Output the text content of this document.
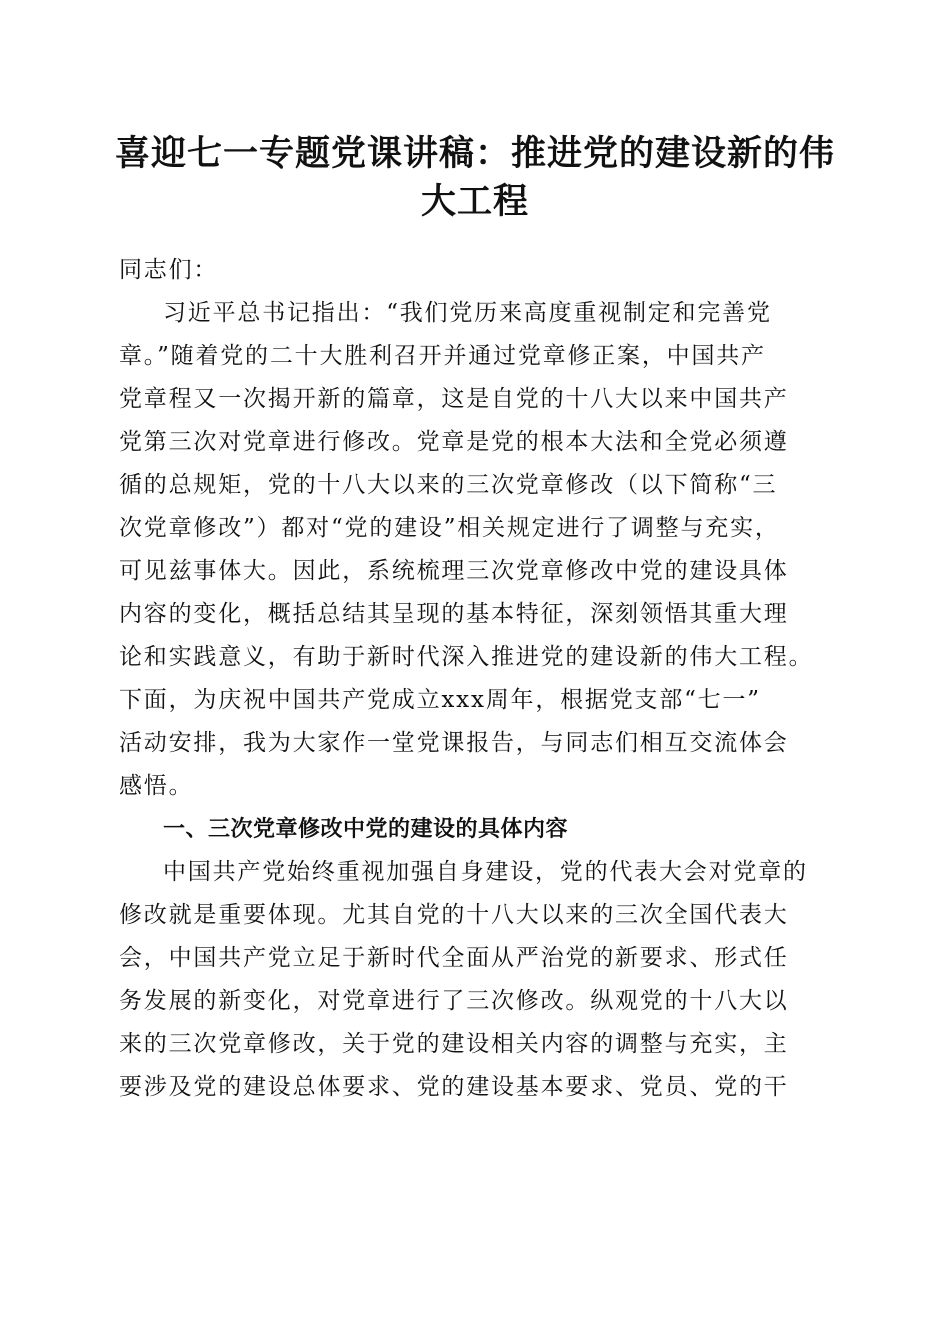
喜迎七一专题党课讲稿：推进党的建设新的伟
大工程
同志们：
习近平总书记指出：“我们党历来高度重视制定和完善党
章。”随着党的二十大胜利召开并通过党章修正案，中国共产
党章程又一次揭开新的篇章，这是自党的十八大以来中国共产
党第三次对党章进行修改。党章是党的根本大法和全党必须遵
循的总规矩，党的十八大以来的三次党章修改（以下简称“三
次党章修改”）都对“党的建设”相关规定进行了调整与充实，
可见兹事体大。因此，系统梳理三次党章修改中党的建设具体
内容的变化，概括总结其呈现的基本特征，深刻领悟其重大理
论和实践意义，有助于新时代深入推进党的建设新的伟大工程。
下面，为庆祝中国共产党成立xxx周年，根据党支部“七一”
活动安排，我为大家作一堂党课报告，与同志们相互交流体会
感悟。
一、三次党章修改中党的建设的具体内容
中国共产党始终重视加强自身建设，党的代表大会对党章的
修改就是重要体现。尤其自党的十八大以来的三次全国代表大
会，中国共产党立足于新时代全面从严治党的新要求、形式任
务发展的新变化，对党章进行了三次修改。纵观党的十八大以
来的三次党章修改，关于党的建设相关内容的调整与充实，主
要涉及党的建设总体要求、党的建设基本要求、党员、党的干
